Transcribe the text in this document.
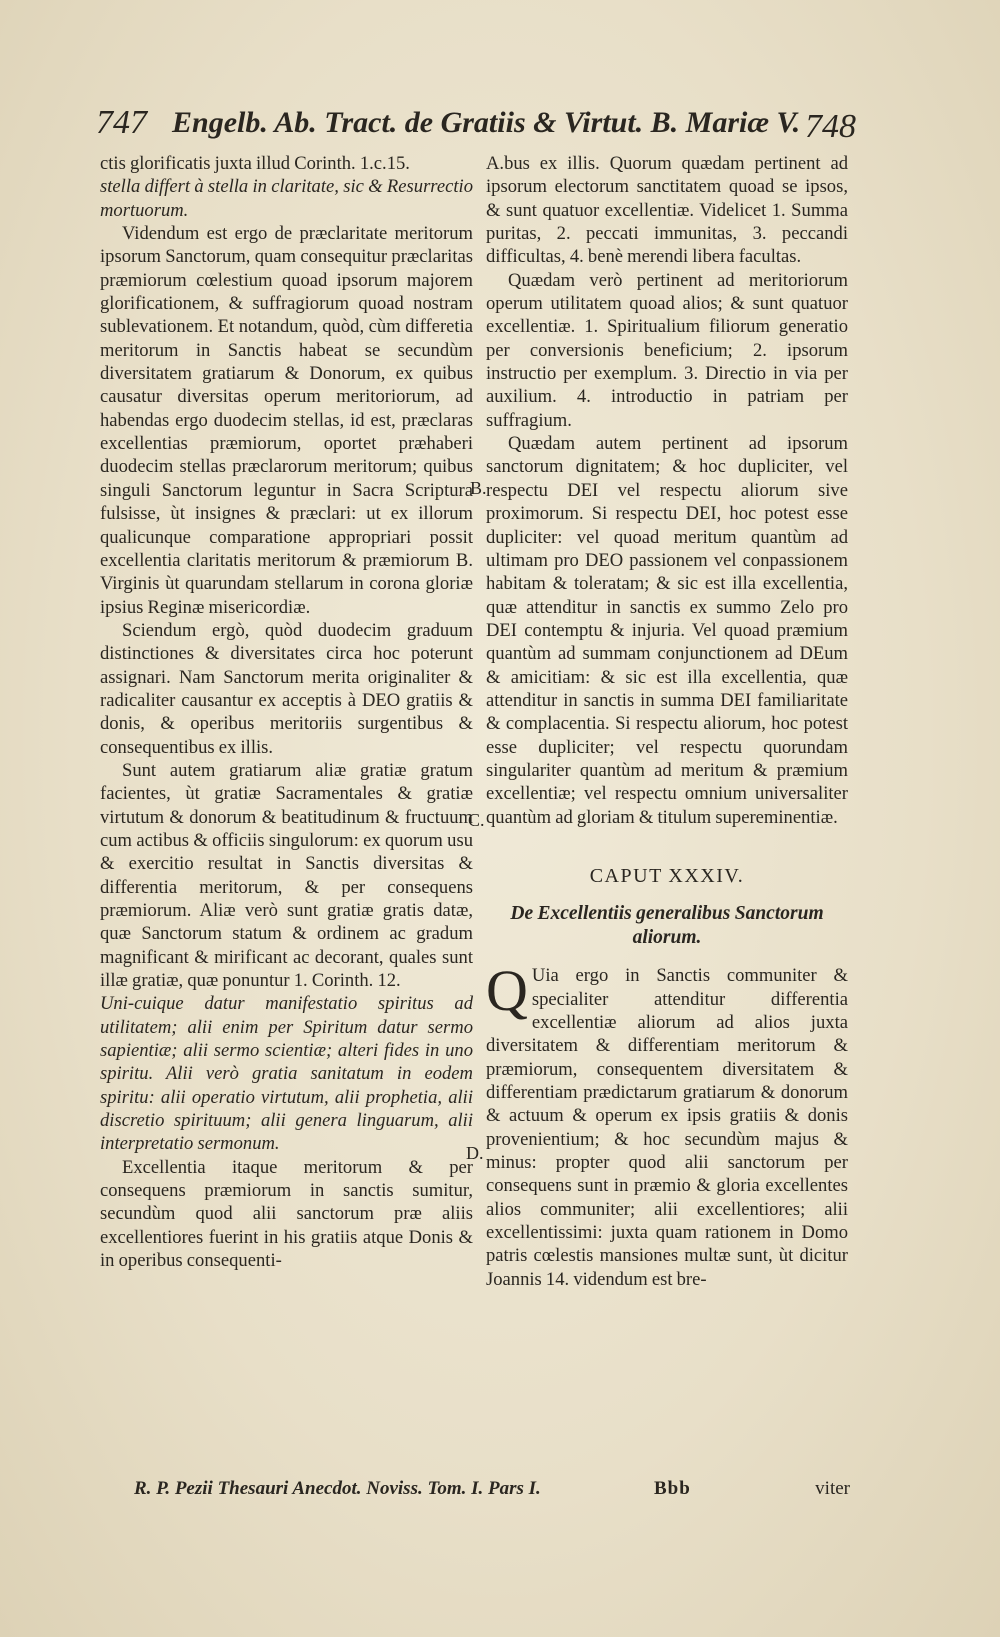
747 Engelb. Ab. Tract. de Gratiis & Virtut. B. Mariæ V. 748

ctis glorificatis juxta illud Corinth. 1.c.15.

stella differt à stella in claritate, sic & Resurrectio mortuorum.

Videndum est ergo de præclaritate meritorum ipsorum Sanctorum, quam consequitur præclaritas præmiorum cœlestium quoad ipsorum majorem glorificationem, & suffragiorum quoad nostram sublevationem. Et notandum, quòd, cùm differetia meritorum in Sanctis habeat se secundùm diversitatem gratiarum & Donorum, ex quibus causatur diversitas operum meritoriorum, ad habendas ergo duodecim stellas, id est, præclaras excellentias præmiorum, oportet præhaberi duodecim stellas præclarorum meritorum; quibus singuli Sanctorum leguntur in Sacra Scriptura fulsisse, ùt insignes & præclari: ut ex illorum qualicunque comparatione appropriari possit excellentia claritatis meritorum & præmiorum B. Virginis ùt quarundam stellarum in corona gloriæ ipsius Reginæ misericordiæ.

Sciendum ergò, quòd duodecim graduum distinctiones & diversitates circa hoc poterunt assignari. Nam Sanctorum merita originaliter & radicaliter causantur ex acceptis à DEO gratiis & donis, & operibus meritoriis surgentibus & consequentibus ex illis.

Sunt autem gratiarum aliæ gratiæ gratum facientes, ùt gratiæ Sacramentales & gratiæ virtutum & donorum & beatitudinum & fructuum cum actibus & officiis singulorum: ex quorum usu & exercitio resultat in Sanctis diversitas & differentia meritorum, & per consequens præmiorum. Aliæ verò sunt gratiæ gratis datæ, quæ Sanctorum statum & ordinem ac gradum magnificant & mirificant ac decorant, quales sunt illæ gratiæ, quæ ponuntur 1. Corinth. 12.

Uni-cuique datur manifestatio spiritus ad utilitatem; alii enim per Spiritum datur sermo sapientiæ; alii sermo scientiæ; alteri fides in uno spiritu. Alii verò gratia sanitatum in eodem spiritu: alii operatio virtutum, alii prophetia, alii discretio spirituum; alii genera linguarum, alii interpretatio sermonum.

Excellentia itaque meritorum & per consequens præmiorum in sanctis sumitur, secundùm quod alii sanctorum præ aliis excellentiores fuerint in his gratiis atque Donis & in operibus consequenti-

B.
C.
D.

A.bus ex illis. Quorum quædam pertinent ad ipsorum electorum sanctitatem quoad se ipsos, & sunt quatuor excellentiæ. Videlicet 1. Summa puritas, 2. peccati immunitas, 3. peccandi difficultas, 4. benè merendi libera facultas.

Quædam verò pertinent ad meritoriorum operum utilitatem quoad alios; & sunt quatuor excellentiæ. 1. Spiritualium filiorum generatio per conversionis beneficium; 2. ipsorum instructio per exemplum. 3. Directio in via per auxilium. 4. introductio in patriam per suffragium.

Quædam autem pertinent ad ipsorum sanctorum dignitatem; & hoc dupliciter, vel respectu DEI vel respectu aliorum sive proximorum. Si respectu DEI, hoc potest esse dupliciter: vel quoad meritum quantùm ad ultimam pro DEO passionem vel conpassionem habitam & toleratam; & sic est illa excellentia, quæ attenditur in sanctis ex summo Zelo pro DEI contemptu & injuria. Vel quoad præmium quantùm ad summam conjunctionem ad DEum & amicitiam: & sic est illa excellentia, quæ attenditur in sanctis in summa DEI familiaritate & complacentia. Si respectu aliorum, hoc potest esse dupliciter; vel respectu quorundam singulariter quantùm ad meritum & præmium excellentiæ; vel respectu omnium universaliter quantùm ad gloriam & titulum supereminentiæ.

CAPUT XXXIV.

De Excellentiis generalibus Sanctorum aliorum.

Q Uia ergo in Sanctis communiter & specialiter attenditur differentia excellentiæ aliorum ad alios juxta diversitatem & differentiam meritorum & præmiorum, consequentem diversitatem & differentiam prædictarum gratiarum & donorum & actuum & operum ex ipsis gratiis & donis provenientium; & hoc secundùm majus & minus: propter quod alii sanctorum per consequens sunt in præmio & gloria excellentes alios communiter; alii excellentiores; alii excellentissimi: juxta quam rationem in Domo patris cœlestis mansiones multæ sunt, ùt dicitur Joannis 14. videndum est bre-

R. P. Pezii Thesauri Anecdot. Noviss. Tom. I. Pars I.	Bbb	viter
